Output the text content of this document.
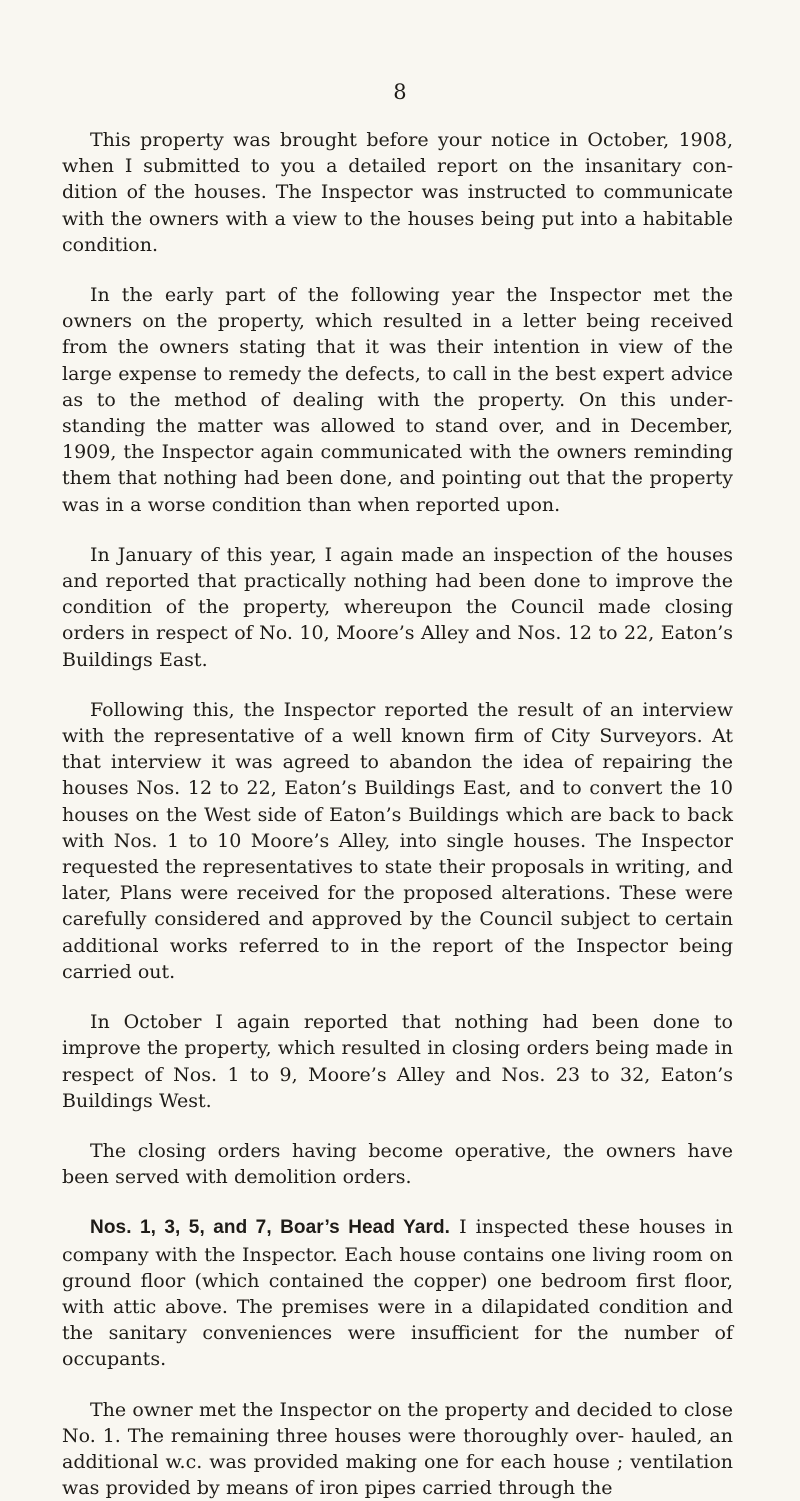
8

This property was brought before your notice in October, 1908, when I submitted to you a detailed report on the insanitary con- dition of the houses. The Inspector was instructed to communicate with the owners with a view to the houses being put into a habitable condition.

In the early part of the following year the Inspector met the owners on the property, which resulted in a letter being received from the owners stating that it was their intention in view of the large expense to remedy the defects, to call in the best expert advice as to the method of dealing with the property. On this under- standing the matter was allowed to stand over, and in December, 1909, the Inspector again communicated with the owners reminding them that nothing had been done, and pointing out that the property was in a worse condition than when reported upon.

In January of this year, I again made an inspection of the houses and reported that practically nothing had been done to improve the condition of the property, whereupon the Council made closing orders in respect of No. 10, Moore’s Alley and Nos. 12 to 22, Eaton’s Buildings East.

Following this, the Inspector reported the result of an interview with the representative of a well known firm of City Surveyors. At that interview it was agreed to abandon the idea of repairing the houses Nos. 12 to 22, Eaton’s Buildings East, and to convert the 10 houses on the West side of Eaton’s Buildings which are back to back with Nos. 1 to 10 Moore’s Alley, into single houses. The Inspector requested the representatives to state their proposals in writing, and later, Plans were received for the proposed alterations. These were carefully considered and approved by the Council subject to certain additional works referred to in the report of the Inspector being carried out.

In October I again reported that nothing had been done to improve the property, which resulted in closing orders being made in respect of Nos. 1 to 9, Moore’s Alley and Nos. 23 to 32, Eaton’s Buildings West.

The closing orders having become operative, the owners have been served with demolition orders.

Nos. 1, 3, 5, and 7, Boar’s Head Yard. I inspected these houses in company with the Inspector. Each house contains one living room on ground floor (which contained the copper) one bedroom first floor, with attic above. The premises were in a dilapidated condition and the sanitary conveniences were insufficient for the number of occupants.

The owner met the Inspector on the property and decided to close No. 1. The remaining three houses were thoroughly over- hauled, an additional w.c. was provided making one for each house ; ventilation was provided by means of iron pipes carried through the
